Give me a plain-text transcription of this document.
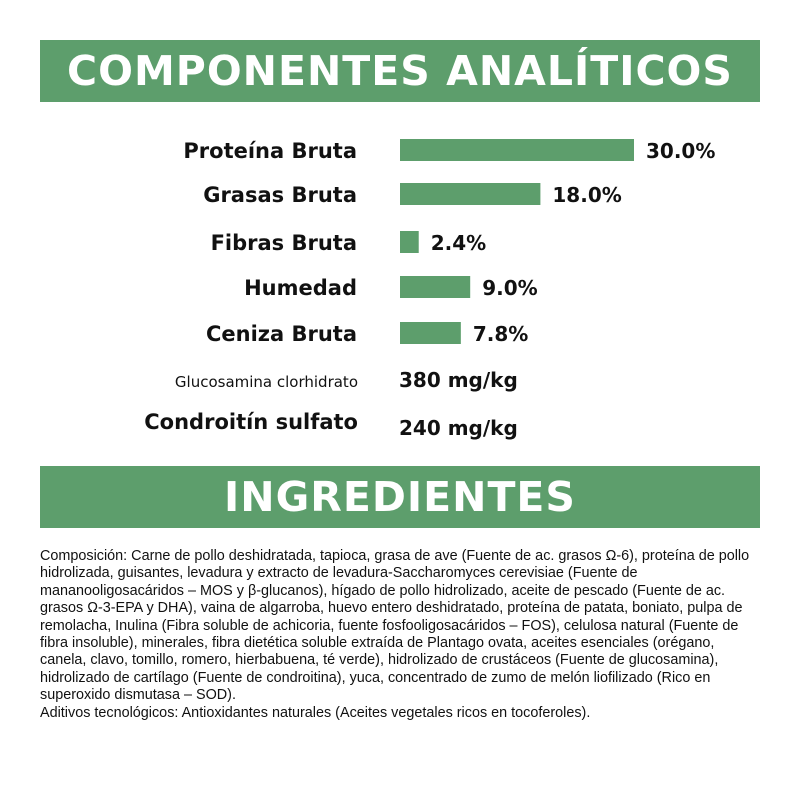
COMPONENTES ANALÍTICOS
Proteína Bruta	30.0%
Grasas Bruta	18.0%
Fibras Bruta	2.4%
Humedad	9.0%
Ceniza Bruta	7.8%
Glucosamina clorhidrato 380 mg/kg
Condroitín sulfato 240 mg/kg
INGREDIENTES

Composición: Carne de pollo deshidratada, tapioca, grasa de ave (Fuente de ac. grasos Ω-6), proteína de pollo hidrolizada, guisantes, levadura y extracto de levadura-Saccharomyces cerevisiae (Fuente de mananooligosacáridos – MOS y β-glucanos), hígado de pollo hidrolizado, aceite de pescado (Fuente de ac. grasos Ω-3-EPA y DHA), vaina de algarroba, huevo entero deshidratado, proteína de patata, boniato, pulpa de remolacha, Inulina (Fibra soluble de achicoria, fuente fosfooligosacáridos – FOS), celulosa natural (Fuente de fibra insoluble), minerales, fibra dietética soluble extraída de Plantago ovata, aceites esenciales (orégano, canela, clavo, tomillo, romero, hierbabuena, té verde), hidrolizado de crustáceos (Fuente de glucosamina), hidrolizado de cartílago (Fuente de condroitina), yuca, concentrado de zumo de melón liofilizado (Rico en superoxido dismutasa – SOD).

Aditivos tecnológicos: Antioxidantes naturales (Aceites vegetales ricos en tocoferoles).
